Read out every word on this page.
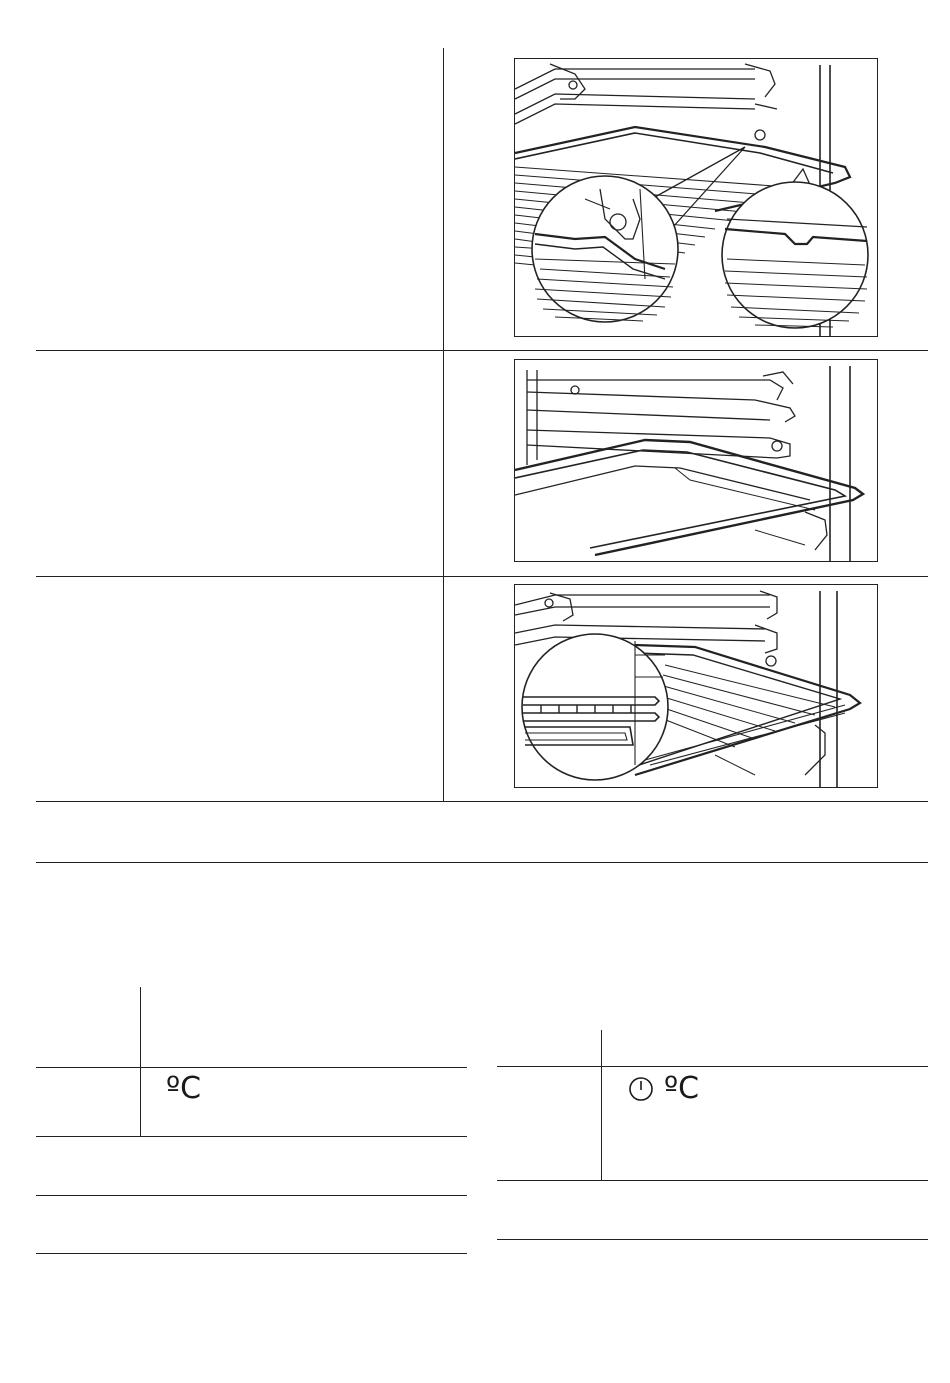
ºC	ºC
